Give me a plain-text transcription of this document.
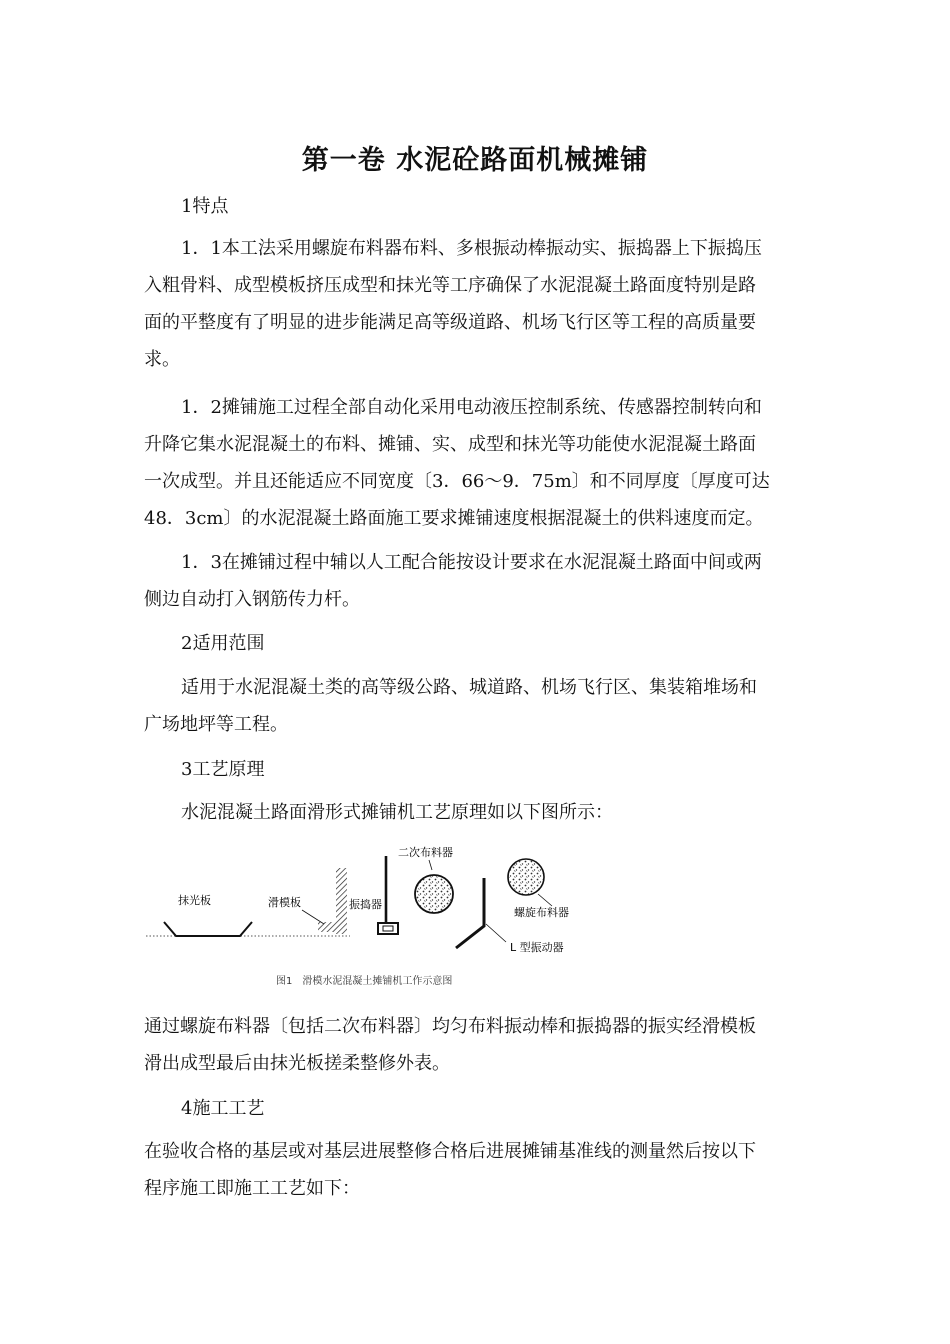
第一卷 水泥砼路面机械摊铺
1特点
1．1本工法采用螺旋布料器布料、多根振动棒振动实、振捣器上下振捣压
入粗骨料、成型模板挤压成型和抹光等工序确保了水泥混凝土路面度特别是路
面的平整度有了明显的进步能满足高等级道路、机场飞行区等工程的高质量要
求。
1．2摊铺施工过程全部自动化采用电动液压控制系统、传感器控制转向和
升降它集水泥混凝土的布料、摊铺、实、成型和抹光等功能使水泥混凝土路面
一次成型。并且还能适应不同宽度〔3．66～9．75m〕和不同厚度〔厚度可达
48．3cm〕的水泥混凝土路面施工要求摊铺速度根据混凝土的供料速度而定。
1．3在摊铺过程中辅以人工配合能按设计要求在水泥混凝土路面中间或两
侧边自动打入钢筋传力杆。
2适用范围
适用于水泥混凝土类的高等级公路、城道路、机场飞行区、集装箱堆场和
广场地坪等工程。
3工艺原理
水泥混凝土路面滑形式摊铺机工艺原理如以下图所示：
抹光板	滑模板	振捣器
二次布料器
L 型振动器
螺旋布料器
图1　滑模水泥混凝土摊铺机工作示意图
通过螺旋布料器〔包括二次布料器〕均匀布料振动棒和振捣器的振实经滑模板
滑出成型最后由抹光板搓柔整修外表。
4施工工艺
在验收合格的基层或对基层进展整修合格后进展摊铺基准线的测量然后按以下
程序施工即施工工艺如下：
